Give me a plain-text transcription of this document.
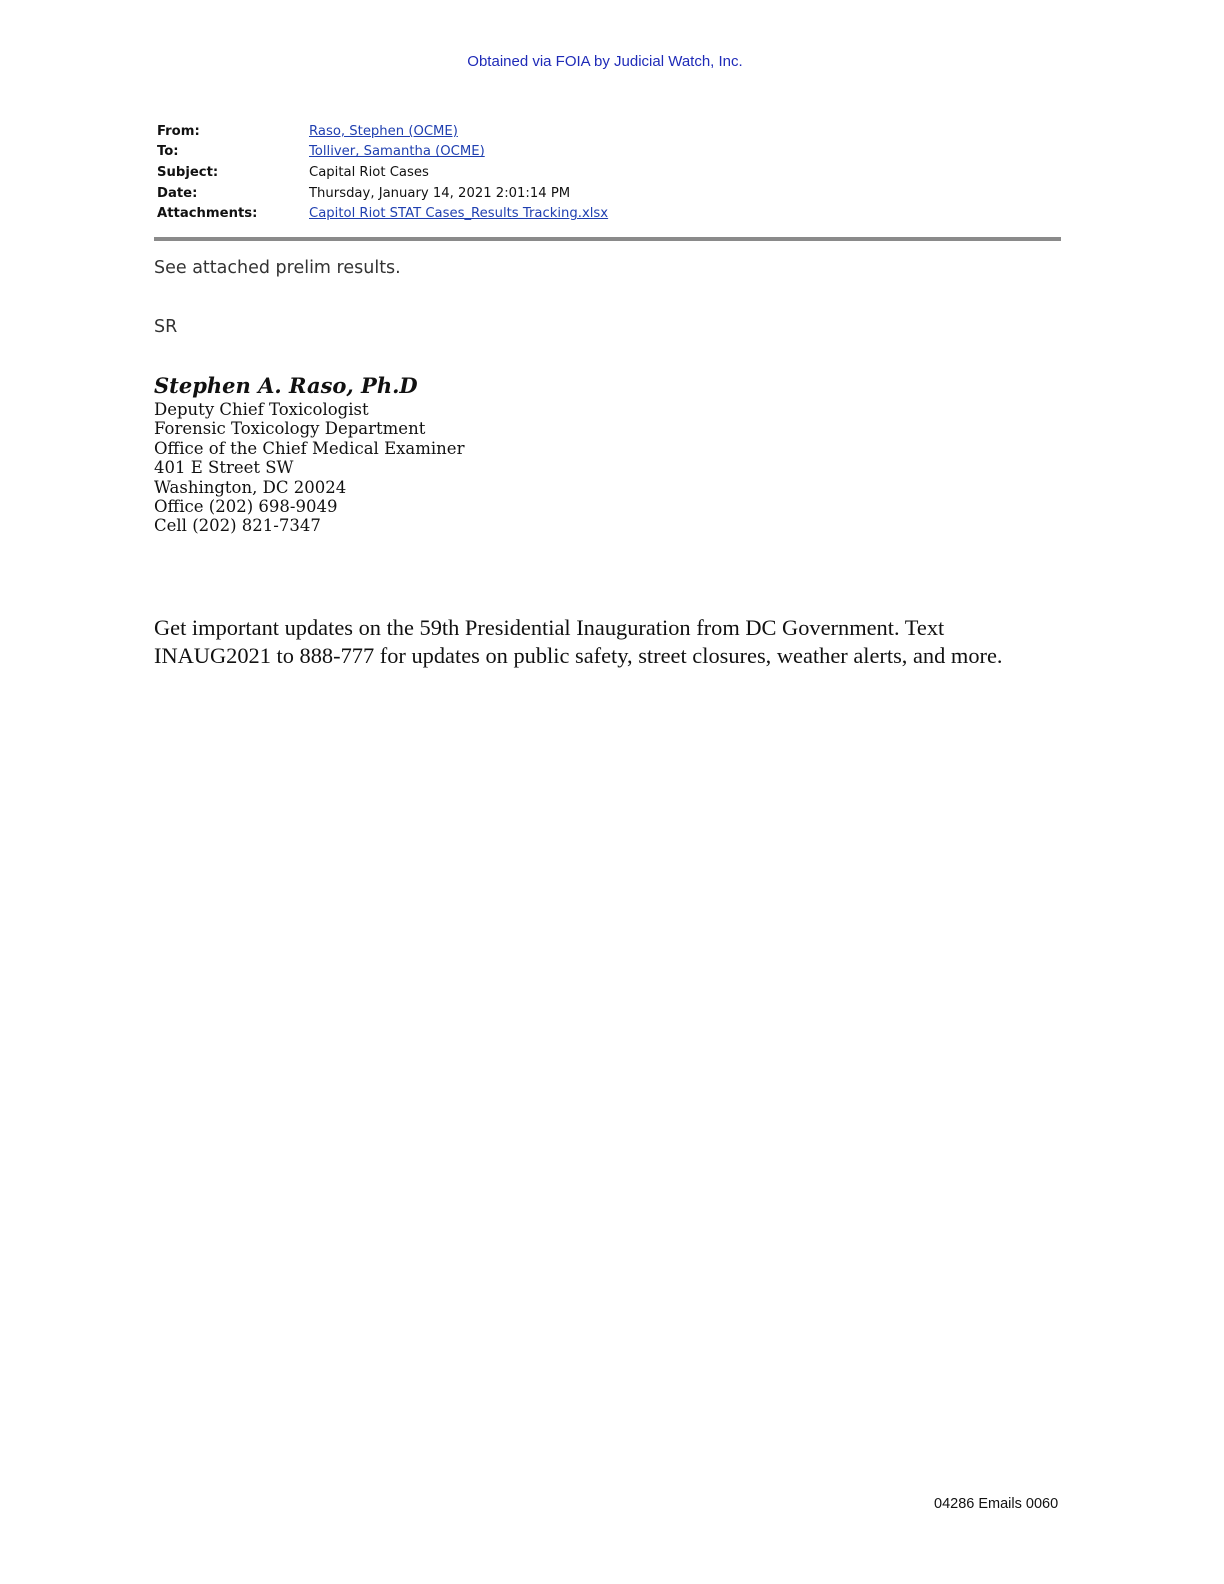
Obtained via FOIA by Judicial Watch, Inc.
From:	Raso, Stephen (OCME)
To:	Tolliver, Samantha (OCME)
Subject:	Capital Riot Cases
Date:	Thursday, January 14, 2021 2:01:14 PM
Attachments:	Capitol Riot STAT Cases_Results Tracking.xlsx
See attached prelim results.
SR
Stephen A. Raso, Ph.D
Deputy Chief Toxicologist
Forensic Toxicology Department
Office of the Chief Medical Examiner
401 E Street SW
Washington, DC 20024
Office (202) 698-9049
Cell (202) 821-7347
Get important updates on the 59th Presidential Inauguration from DC Government. Text
INAUG2021 to 888-777 for updates on public safety, street closures, weather alerts, and more.
04286 Emails 0060
